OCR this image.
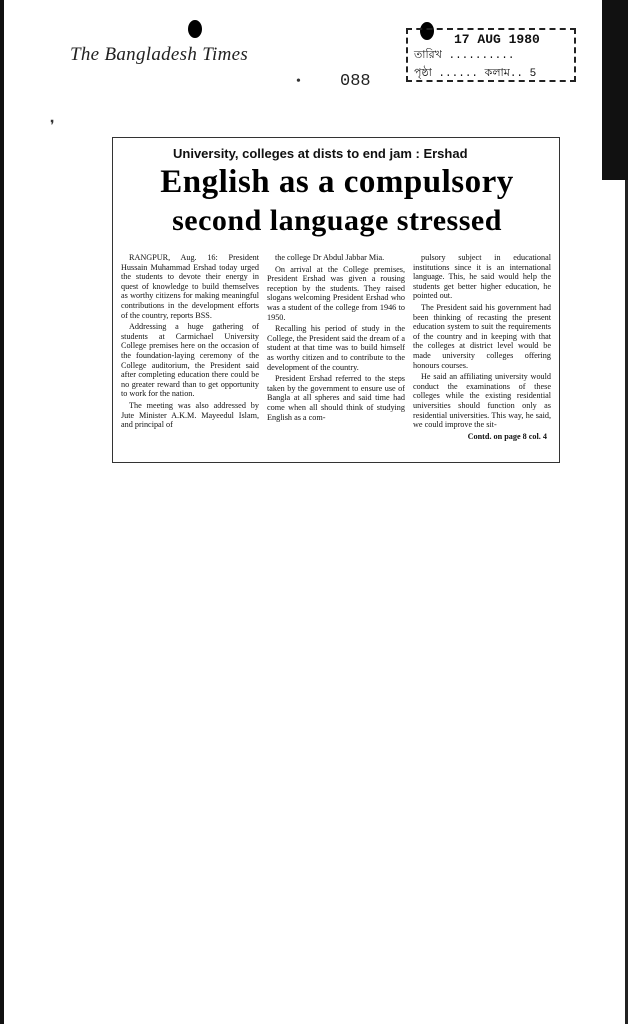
The Bangladesh Times
088
17 AUG 1980
তারিখ ..........
পৃষ্ঠা ...... কলাম.. 5
University, colleges at dists to end jam : Ershad
English as a compulsory
second language stressed

RANGPUR, Aug. 16: President Hussain Muhammad Ershad today urged the students to devote their energy in quest of knowledge to build themselves as worthy citizens for making meaningful contributions in the development efforts of the country, reports BSS.

Addressing a huge gathering of students at Carmichael University College premises here on the occasion of the foundation-laying ceremony of the College auditorium, the President said after completing education there could be no greater reward than to get opportunity to work for the nation.

The meeting was also addressed by Jute Minister A.K.M. Mayeedul Islam, and principal of

the college Dr Abdul Jabbar Mia.

On arrival at the College premises, President Ershad was given a rousing reception by the students. They raised slogans welcoming President Ershad who was a student of the college from 1946 to 1950.

Recalling his period of study in the College, the President said the dream of a student at that time was to build himself as worthy citizen and to contribute to the development of the country.

President Ershad referred to the steps taken by the government to ensure use of Bangla at all spheres and said time had come when all should think of studying English as a com-

pulsory subject in educational institutions since it is an international language. This, he said would help the students get better higher education, he pointed out.

The President said his government had been thinking of recasting the present education system to suit the requirements of the country and in keeping with that the colleges at district level would be made university colleges offering honours courses.

He said an affiliating university would conduct the examinations of these colleges while the existing residential universities should function only as residential universities. This way, he said, we could improve the sit-

Contd. on page 8 col. 4
❜
•
